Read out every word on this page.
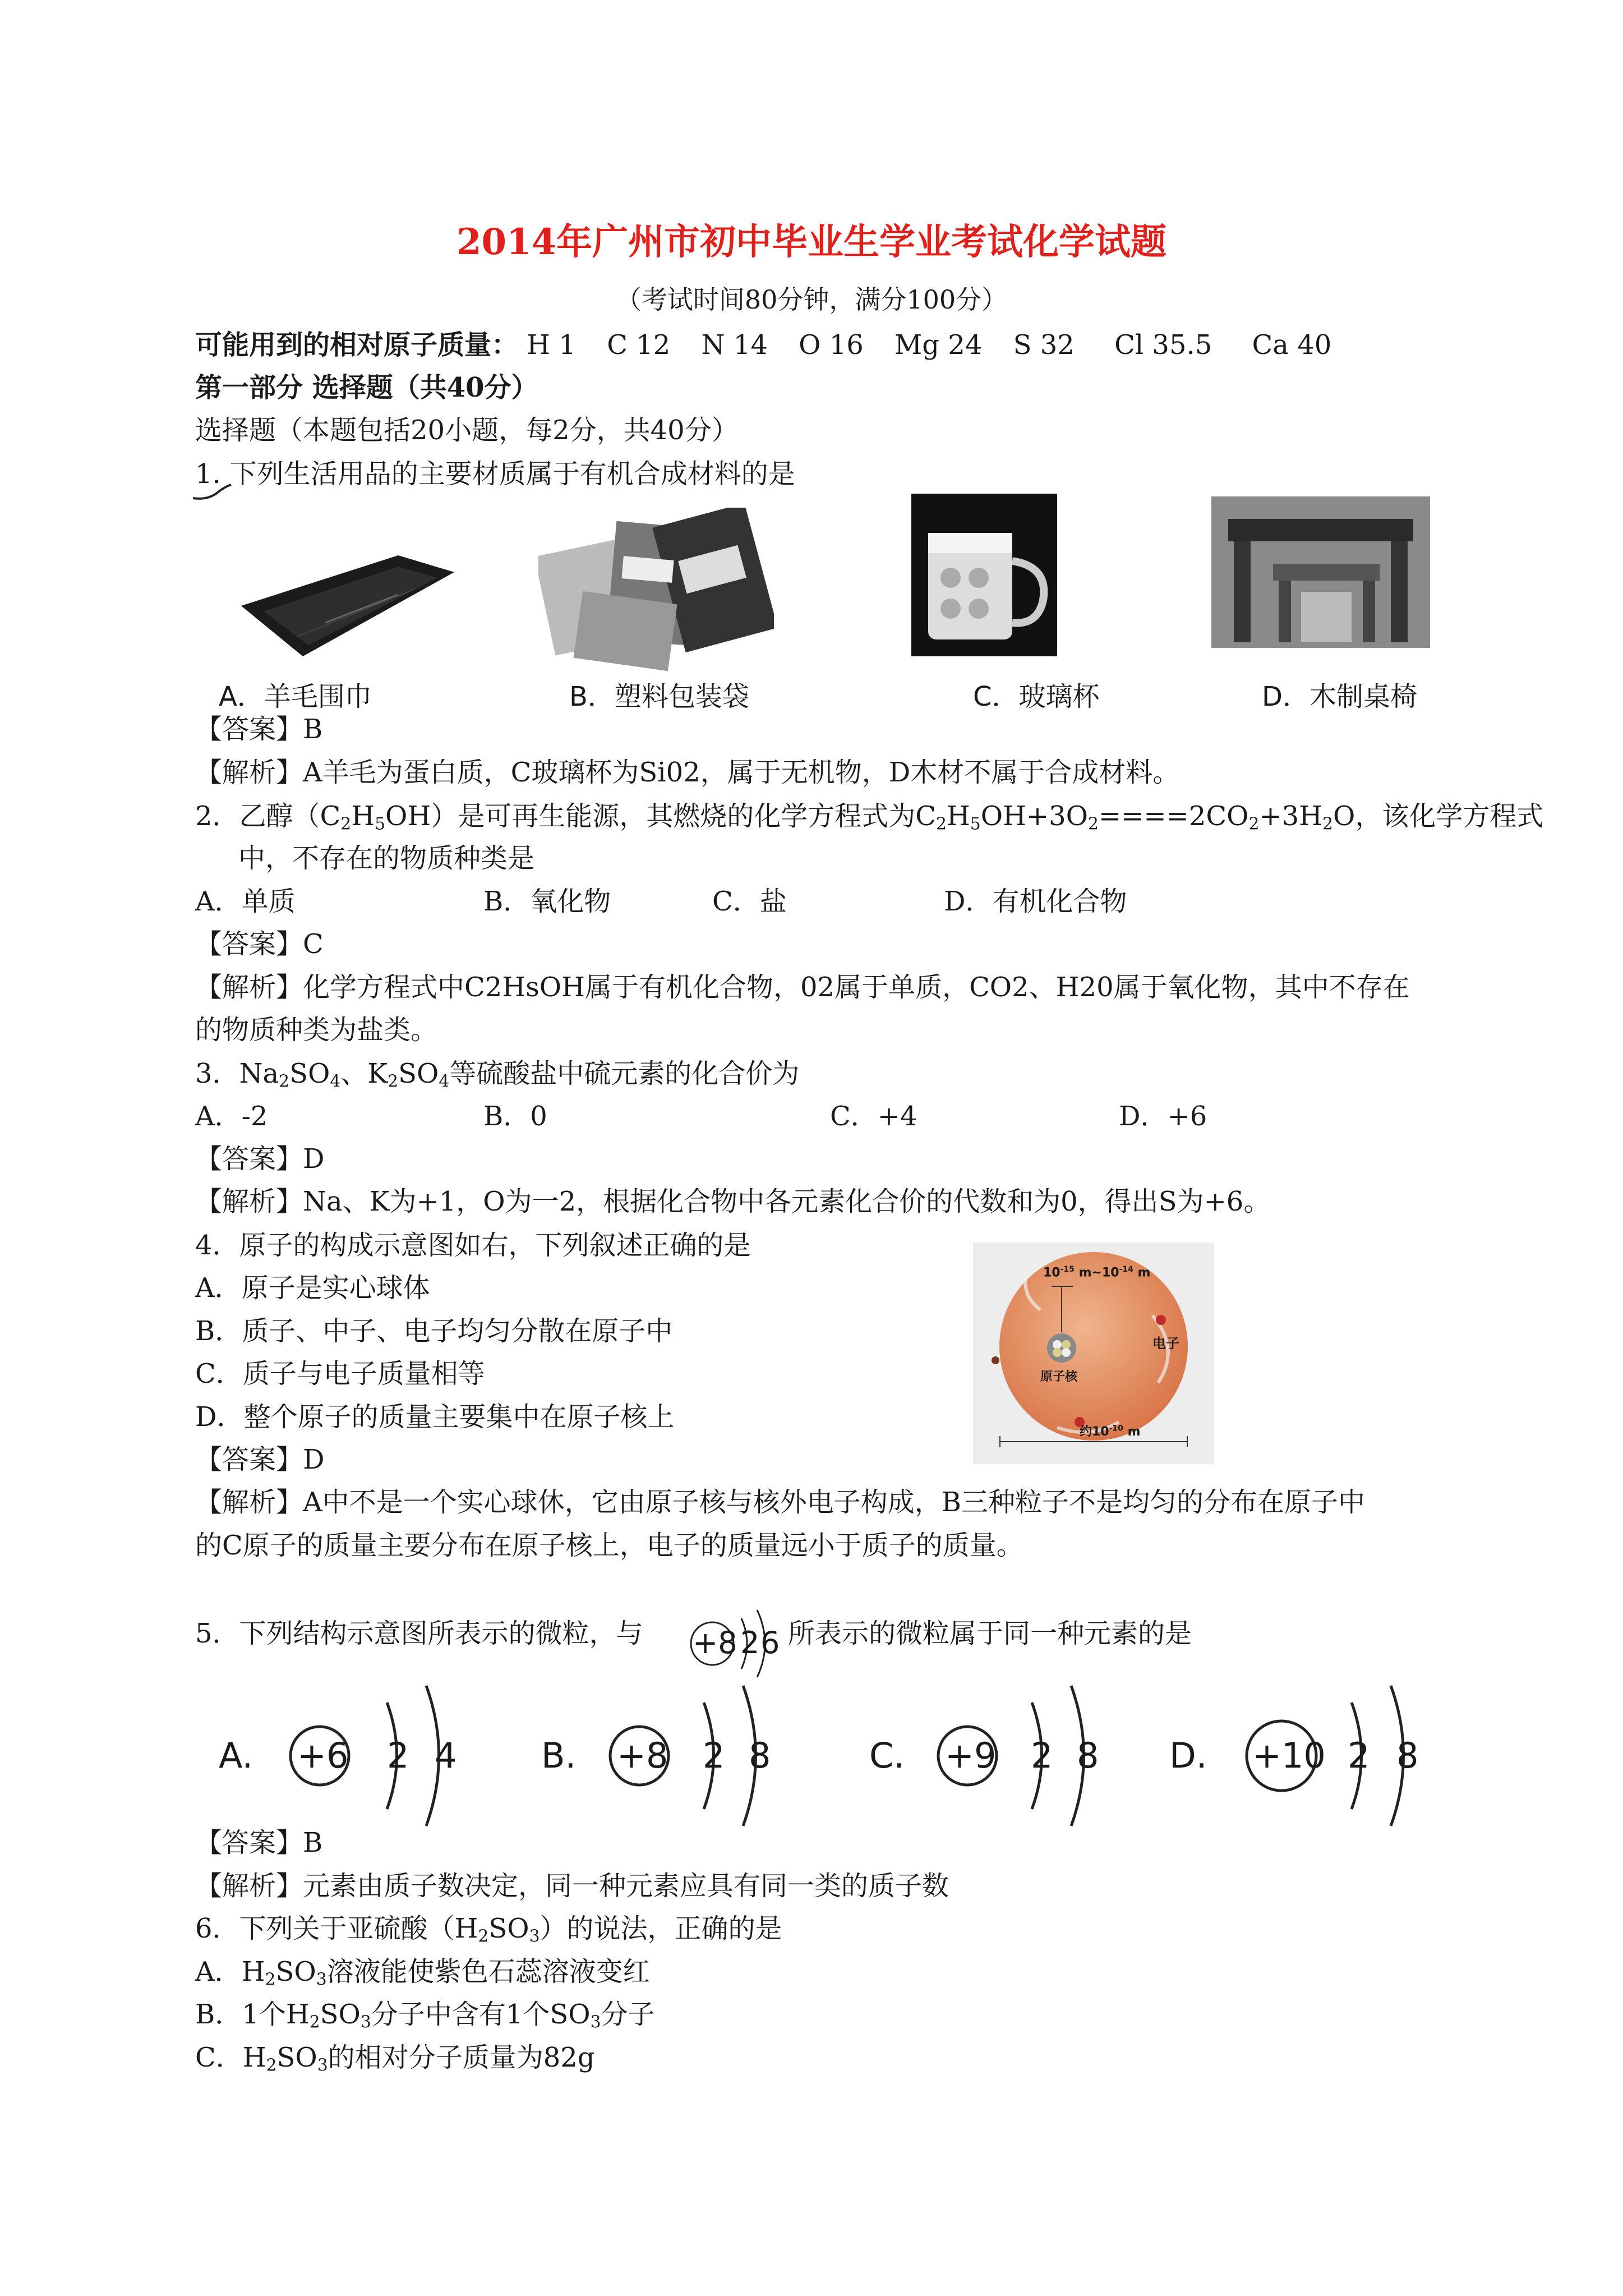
2014年广州市初中毕业生学业考试化学试题
（考试时间80分钟，满分100分）
可能用到的相对原子质量： H 1 C 12 N 14 O 16 Mg 24 S 32 Cl 35.5 Ca 40
第一部分 选择题（共40分）
选择题（本题包括20小题，每2分，共40分）
1. 下列生活用品的主要材质属于有机合成材料的是
A．羊毛围巾	B．塑料包装袋	C．玻璃杯	D．木制桌椅
【答案】B
【解析】A羊毛为蛋白质，C玻璃杯为Si02，属于无机物，D木材不属于合成材料。
2．乙醇$(C_2H_5OH)$是可再生能源，其燃烧的化学方程式为$C_2H_5OH+3O_2====2CO_2+3H_2O$，该化学方程式
中，不存在的物质种类是
A．单质	B．氧化物	C．盐	D．有机化合物
【答案】C
【解析】化学方程式中C2HsOH属于有机化合物，02属于单质，CO2、H20属于氧化物，其中不存在
的物质种类为盐类。
3．$Na_2SO_4$、$K_2SO_4$等硫酸盐中硫元素的化合价为
A．-2	B．0	C．+4	D．+6
【答案】D
【解析】Na、K为+1，O为一2，根据化合物中各元素化合价的代数和为0，得出S为+6。
4．原子的构成示意图如右，下列叙述正确的是
A．原子是实心球体
B．质子、中子、电子均匀分散在原子中
C．质子与电子质量相等
D．整个原子的质量主要集中在原子核上
【答案】D
【解析】A中不是一个实心球休，它由原子核与核外电子构成，B三种粒子不是均匀的分布在原子中
的C原子的质量主要分布在原子核上，电子的质量远小于质子的质量。
$10^{-15}$ $m\sim 10^{-14}$ m
电子
原子核
约$10^{-10}$ m
5．下列结构示意图所表示的微粒，与	所表示的微粒属于同一种元素的是
+8 2 6
A. +6 2 4 B. +8 2 8	C. +9 2 8 D. +10 2 8
【答案】B
【解析】元素由质子数决定，同一种元素应具有同一类的质子数
6．下列关于亚硫酸$(H_2SO_3)$的说法，正确的是
A．$H_2SO_3$溶液能使紫色石蕊溶液变红
B．1个$H_2SO_3$分子中含有1个$SO_3$分子
C．$H_2SO_3$的相对分子质量为82g
